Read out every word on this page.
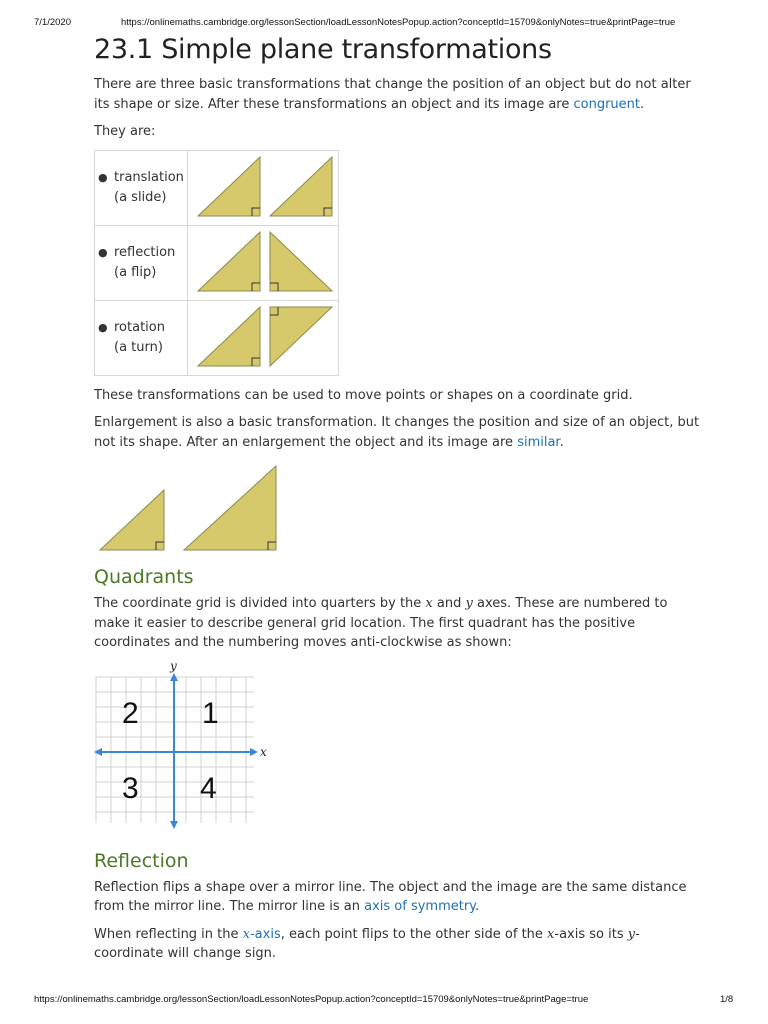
7/1/2020	https://onlinemaths.cambridge.org/lessonSection/loadLessonNotesPopup.action?conceptId=15709&onlyNotes=true&printPage=true
23.1 Simple plane transformations

There are three basic transformations that change the position of an object but do not alter its shape or size. After these transformations an object and its image are congruent.

They are:

● translation
(a slide)

● reflection
(a flip)

● rotation
(a turn)

These transformations can be used to move points or shapes on a coordinate grid.

Enlargement is also a basic transformation. It changes the position and size of an object, but not its shape. After an enlargement the object and its image are similar.

Quadrants

The coordinate grid is divided into quarters by the x and y axes. These are numbered to make it easier to describe general grid location. The first quadrant has the positive coordinates and the numbering moves anti-clockwise as shown:

y
x
2 1
3 4
Reflection

Reflection flips a shape over a mirror line. The object and the image are the same distance from the mirror line. The mirror line is an axis of symmetry.

When reflecting in the x-axis, each point flips to the other side of the x-axis so its y-coordinate will change sign.

https://onlinemaths.cambridge.org/lessonSection/loadLessonNotesPopup.action?conceptId=15709&onlyNotes=true&printPage=true	1/8
